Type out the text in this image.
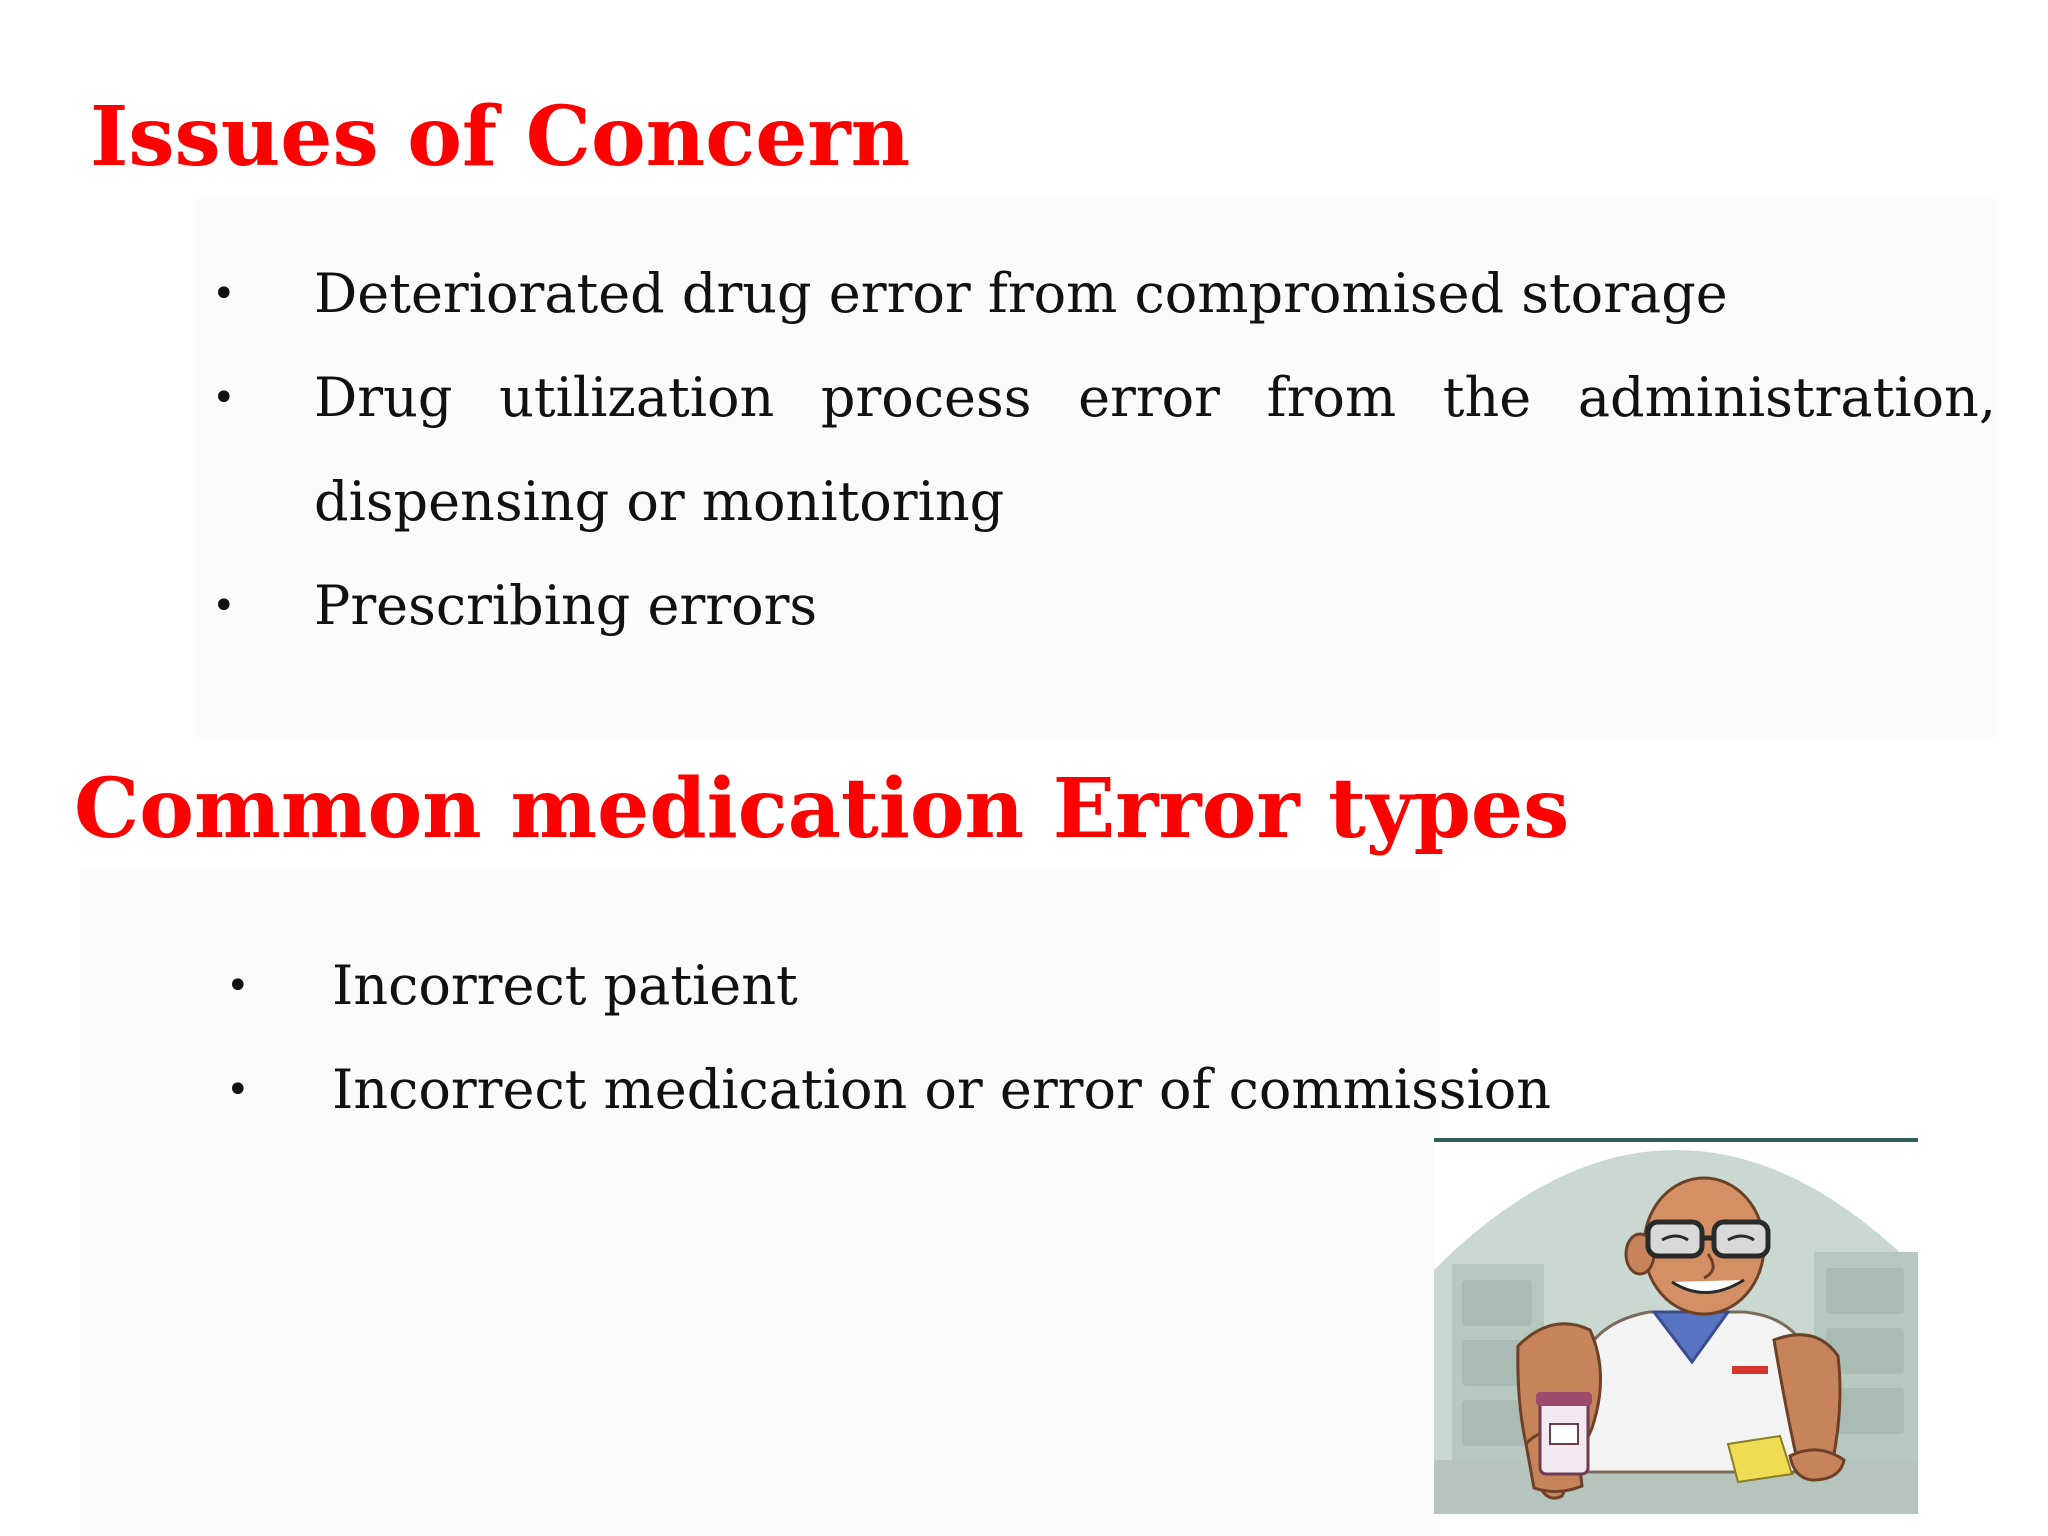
Issues of Concern
• Deteriorated drug error from compromised storage
• Drug utilization process error from the administration, dispensing or monitoring
• Prescribing errors
Common medication Error types
• Incorrect patient
• Incorrect medication or error of commission
